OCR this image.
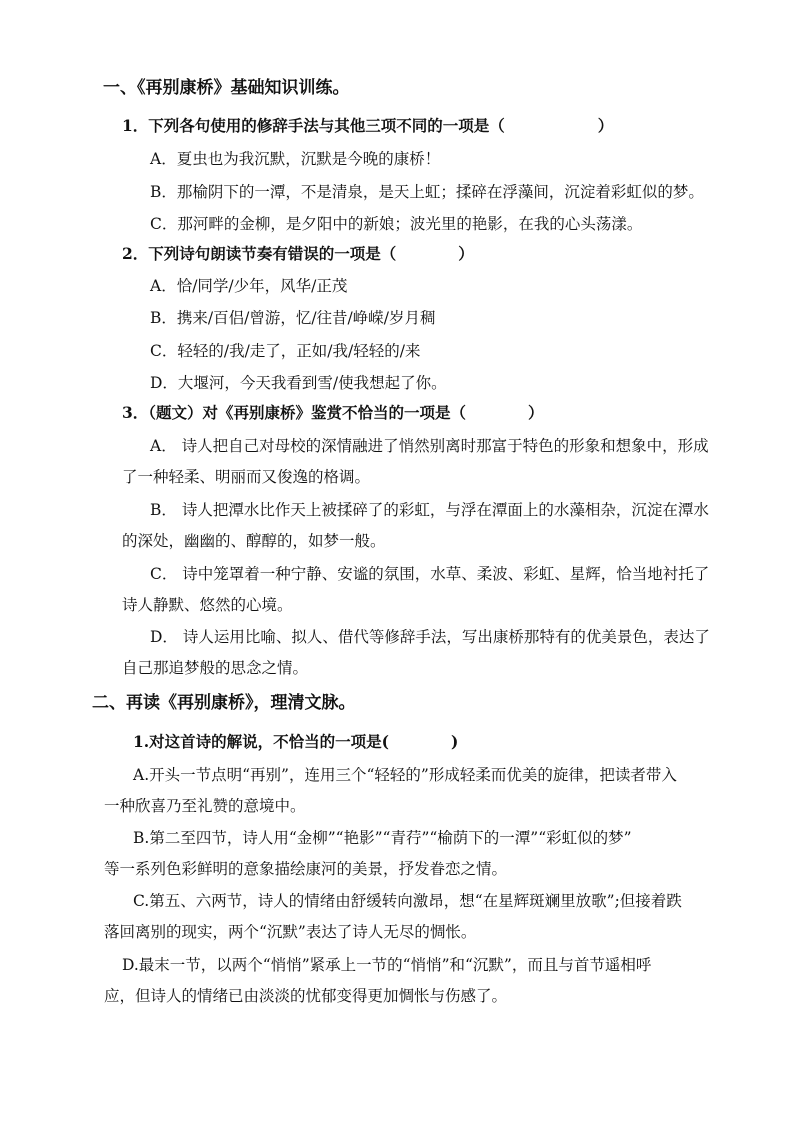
一、《再别康桥》基础知识训练。
1．下列各句使用的修辞手法与其他三项不同的一项是（　　　　　　）
A．夏虫也为我沉默，沉默是今晚的康桥！
B．那榆阴下的一潭，不是清泉，是天上虹；揉碎在浮藻间，沉淀着彩虹似的梦。
C．那河畔的金柳，是夕阳中的新娘；波光里的艳影，在我的心头荡漾。
2．下列诗句朗读节奏有错误的一项是（　　　　）
A．恰/同学/少年，风华/正茂
B．携来/百侣/曾游，忆/往昔/峥嵘/岁月稠
C．轻轻的/我/走了，正如/我/轻轻的/来
D．大堰河，今天我看到雪/使我想起了你。
3．（题文）对《再别康桥》鉴赏不恰当的一项是（　　　　）
A． 诗人把自己对母校的深情融进了悄然别离时那富于特色的形象和想象中，形成
了一种轻柔、明丽而又俊逸的格调。
B． 诗人把潭水比作天上被揉碎了的彩虹，与浮在潭面上的水藻相杂，沉淀在潭水
的深处，幽幽的、醇醇的，如梦一般。
C． 诗中笼罩着一种宁静、安谧的氛围，水草、柔波、彩虹、星辉，恰当地衬托了
诗人静默、悠然的心境。
D． 诗人运用比喻、拟人、借代等修辞手法，写出康桥那特有的优美景色，表达了
自己那追梦般的思念之情。
二、再读《再别康桥》，理清文脉。
1.对这首诗的解说，不恰当的一项是(　　　　)
A.开头一节点明“再别”，连用三个“轻轻的”形成轻柔而优美的旋律，把读者带入
一种欣喜乃至礼赞的意境中。
B.第二至四节，诗人用“金柳”“艳影”“青荇”“榆荫下的一潭”“彩虹似的梦”
等一系列色彩鲜明的意象描绘康河的美景，抒发眷恋之情。
C.第五、六两节，诗人的情绪由舒缓转向激昂，想“在星辉斑斓里放歌”;但接着跌
落回离别的现实，两个“沉默”表达了诗人无尽的惆怅。
D.最末一节，以两个“悄悄”紧承上一节的“悄悄”和“沉默”，而且与首节遥相呼
应，但诗人的情绪已由淡淡的忧郁变得更加惆怅与伤感了。
